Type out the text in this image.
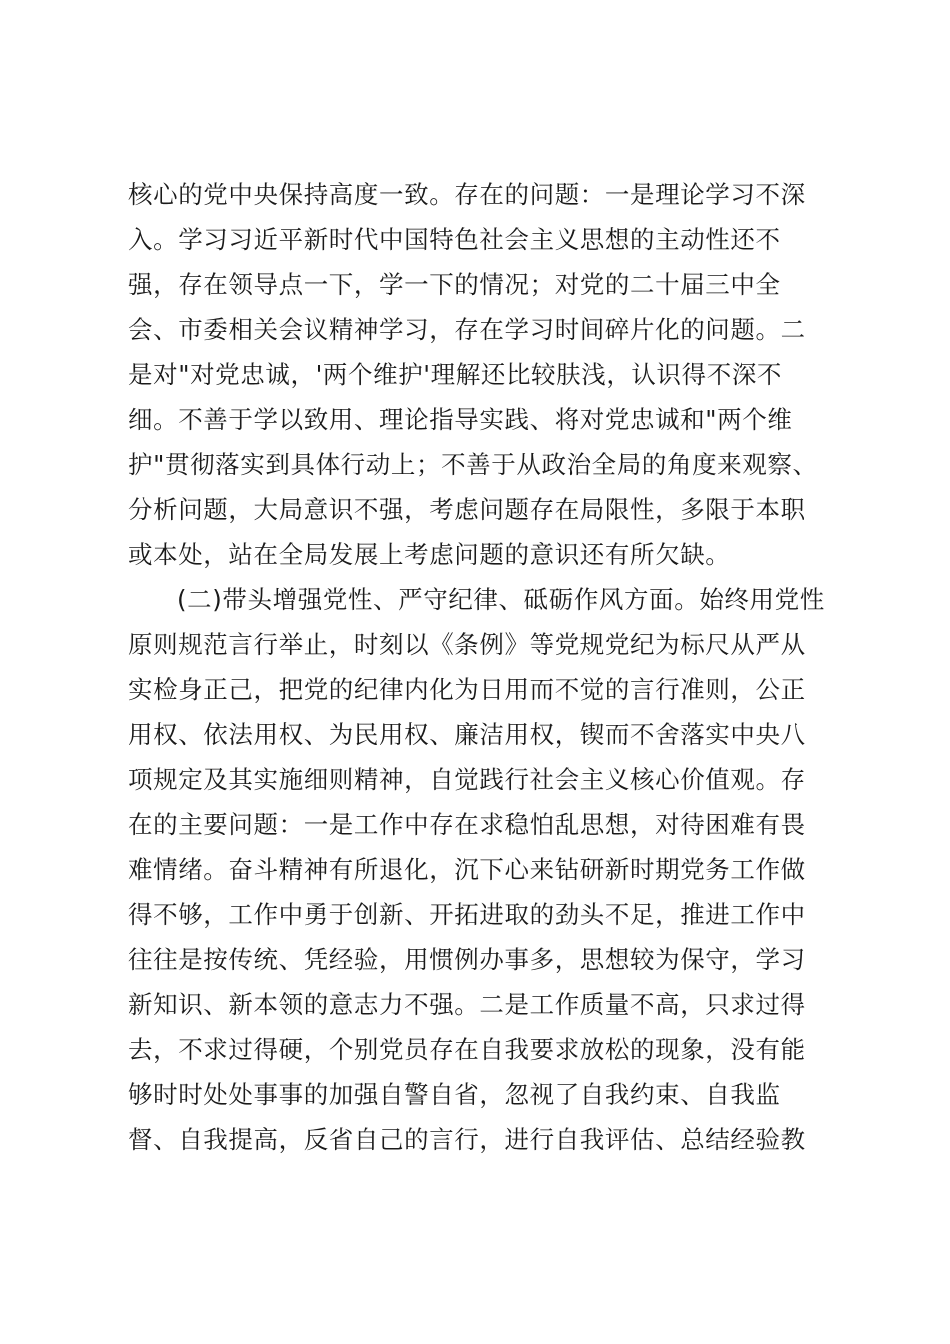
核心的党中央保持高度一致。存在的问题：一是理论学习不深
入。学习习近平新时代中国特色社会主义思想的主动性还不
强，存在领导点一下，学一下的情况；对党的二十届三中全
会、市委相关会议精神学习，存在学习时间碎片化的问题。二
是对"对党忠诚，'两个维护'理解还比较肤浅，认识得不深不
细。不善于学以致用、理论指导实践、将对党忠诚和"两个维
护"贯彻落实到具体行动上；不善于从政治全局的角度来观察、
分析问题，大局意识不强，考虑问题存在局限性，多限于本职
或本处，站在全局发展上考虑问题的意识还有所欠缺。
(二)带头增强党性、严守纪律、砥砺作风方面。始终用党性
原则规范言行举止，时刻以《条例》等党规党纪为标尺从严从
实检身正己，把党的纪律内化为日用而不觉的言行准则，公正
用权、依法用权、为民用权、廉洁用权，锲而不舍落实中央八
项规定及其实施细则精神，自觉践行社会主义核心价值观。存
在的主要问题：一是工作中存在求稳怕乱思想，对待困难有畏
难情绪。奋斗精神有所退化，沉下心来钻研新时期党务工作做
得不够，工作中勇于创新、开拓进取的劲头不足，推进工作中
往往是按传统、凭经验，用惯例办事多，思想较为保守，学习
新知识、新本领的意志力不强。二是工作质量不高，只求过得
去，不求过得硬，个别党员存在自我要求放松的现象，没有能
够时时处处事事的加强自警自省，忽视了自我约束、自我监
督、自我提高，反省自己的言行，进行自我评估、总结经验教
